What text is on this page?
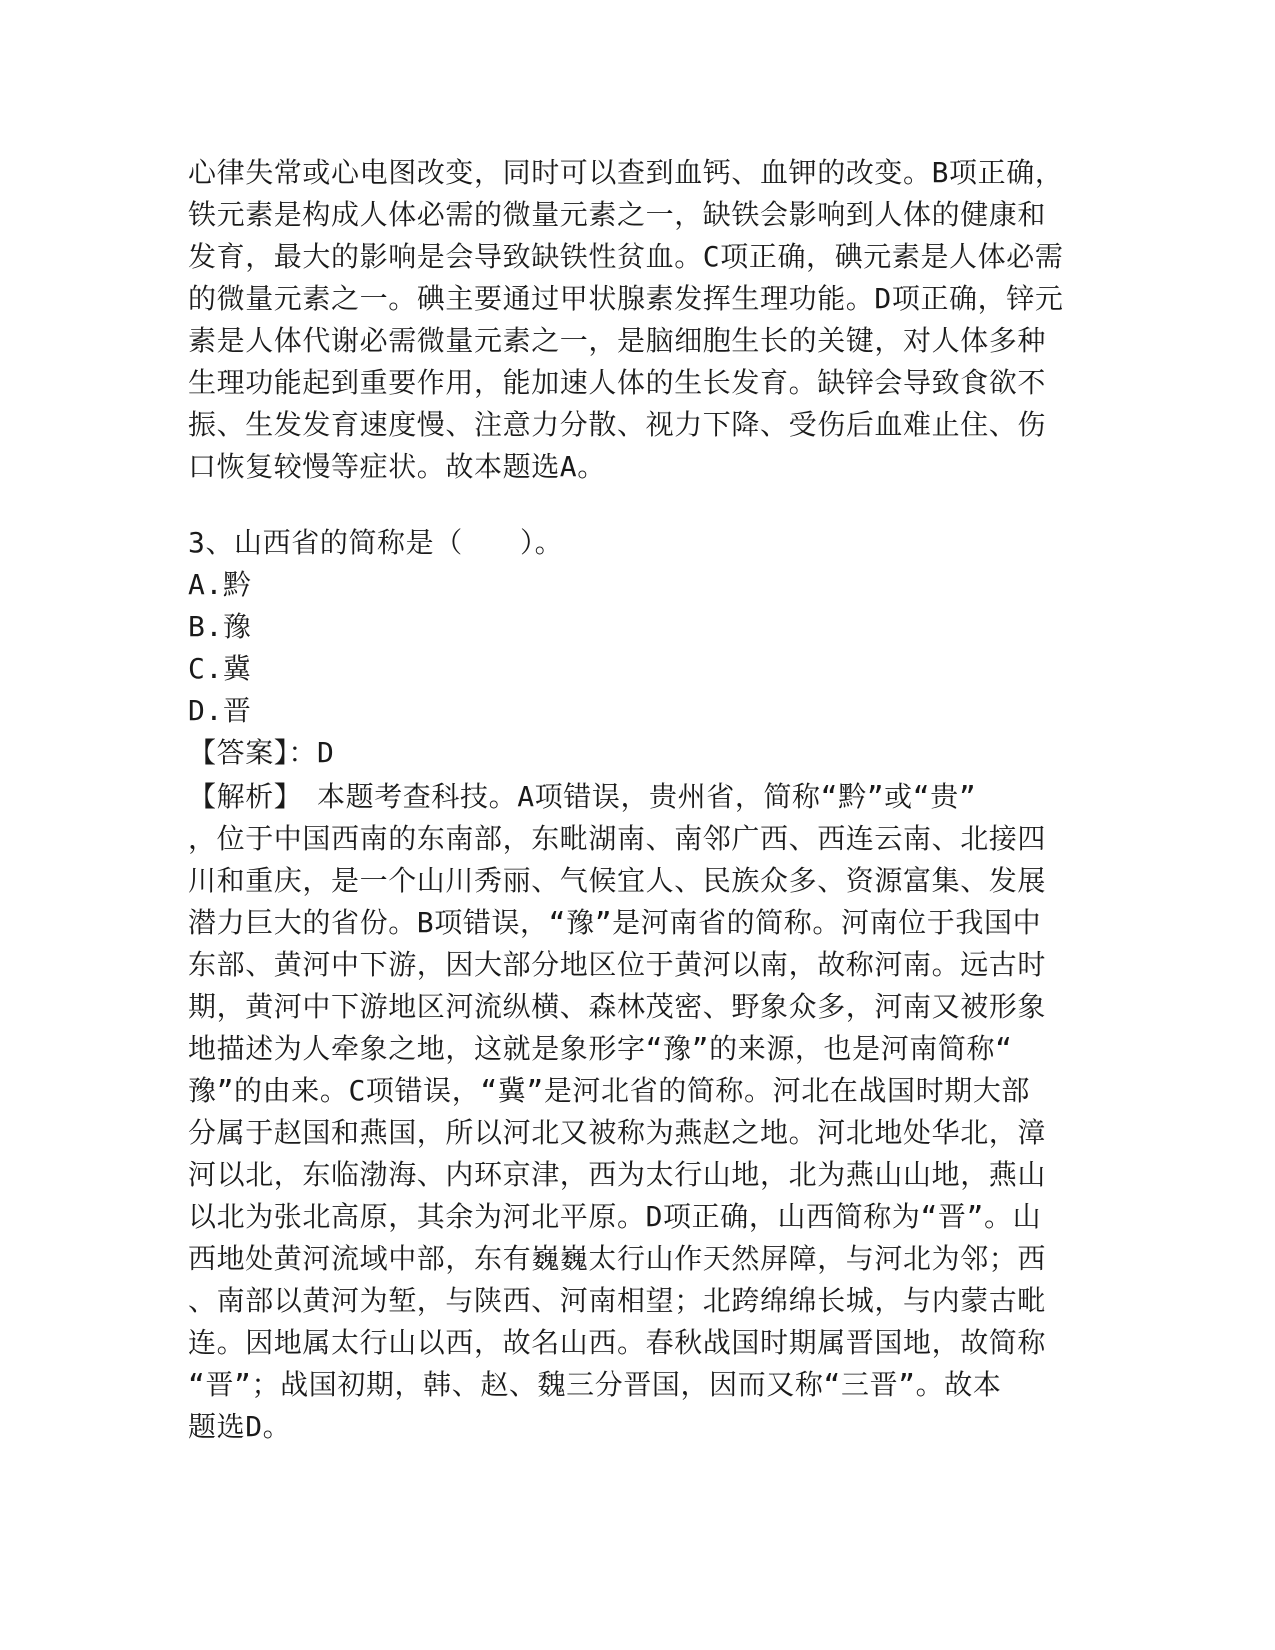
心律失常或心电图改变，同时可以查到血钙、血钾的改变。B项正确，
铁元素是构成人体必需的微量元素之一，缺铁会影响到人体的健康和
发育，最大的影响是会导致缺铁性贫血。C项正确，碘元素是人体必需
的微量元素之一。碘主要通过甲状腺素发挥生理功能。D项正确，锌元
素是人体代谢必需微量元素之一，是脑细胞生长的关键，对人体多种
生理功能起到重要作用，能加速人体的生长发育。缺锌会导致食欲不
振、生发发育速度慢、注意力分散、视力下降、受伤后血难止住、伤
口恢复较慢等症状。故本题选A。
3、山西省的简称是（　　）。
A.黔
B.豫
C.冀
D.晋
【答案】：D
【解析】　本题考查科技。A项错误，贵州省，简称“黔”或“贵”
，位于中国西南的东南部，东毗湖南、南邻广西、西连云南、北接四
川和重庆，是一个山川秀丽、气候宜人、民族众多、资源富集、发展
潜力巨大的省份。B项错误，“豫”是河南省的简称。河南位于我国中
东部、黄河中下游，因大部分地区位于黄河以南，故称河南。远古时
期，黄河中下游地区河流纵横、森林茂密、野象众多，河南又被形象
地描述为人牵象之地，这就是象形字“豫”的来源，也是河南简称“
豫”的由来。C项错误，“冀”是河北省的简称。河北在战国时期大部
分属于赵国和燕国，所以河北又被称为燕赵之地。河北地处华北，漳
河以北，东临渤海、内环京津，西为太行山地，北为燕山山地，燕山
以北为张北高原，其余为河北平原。D项正确，山西简称为“晋”。山
西地处黄河流域中部，东有巍巍太行山作天然屏障，与河北为邻；西
、南部以黄河为堑，与陕西、河南相望；北跨绵绵长城，与内蒙古毗
连。因地属太行山以西，故名山西。春秋战国时期属晋国地，故简称
“晋”；战国初期，韩、赵、魏三分晋国，因而又称“三晋”。故本
题选D。
